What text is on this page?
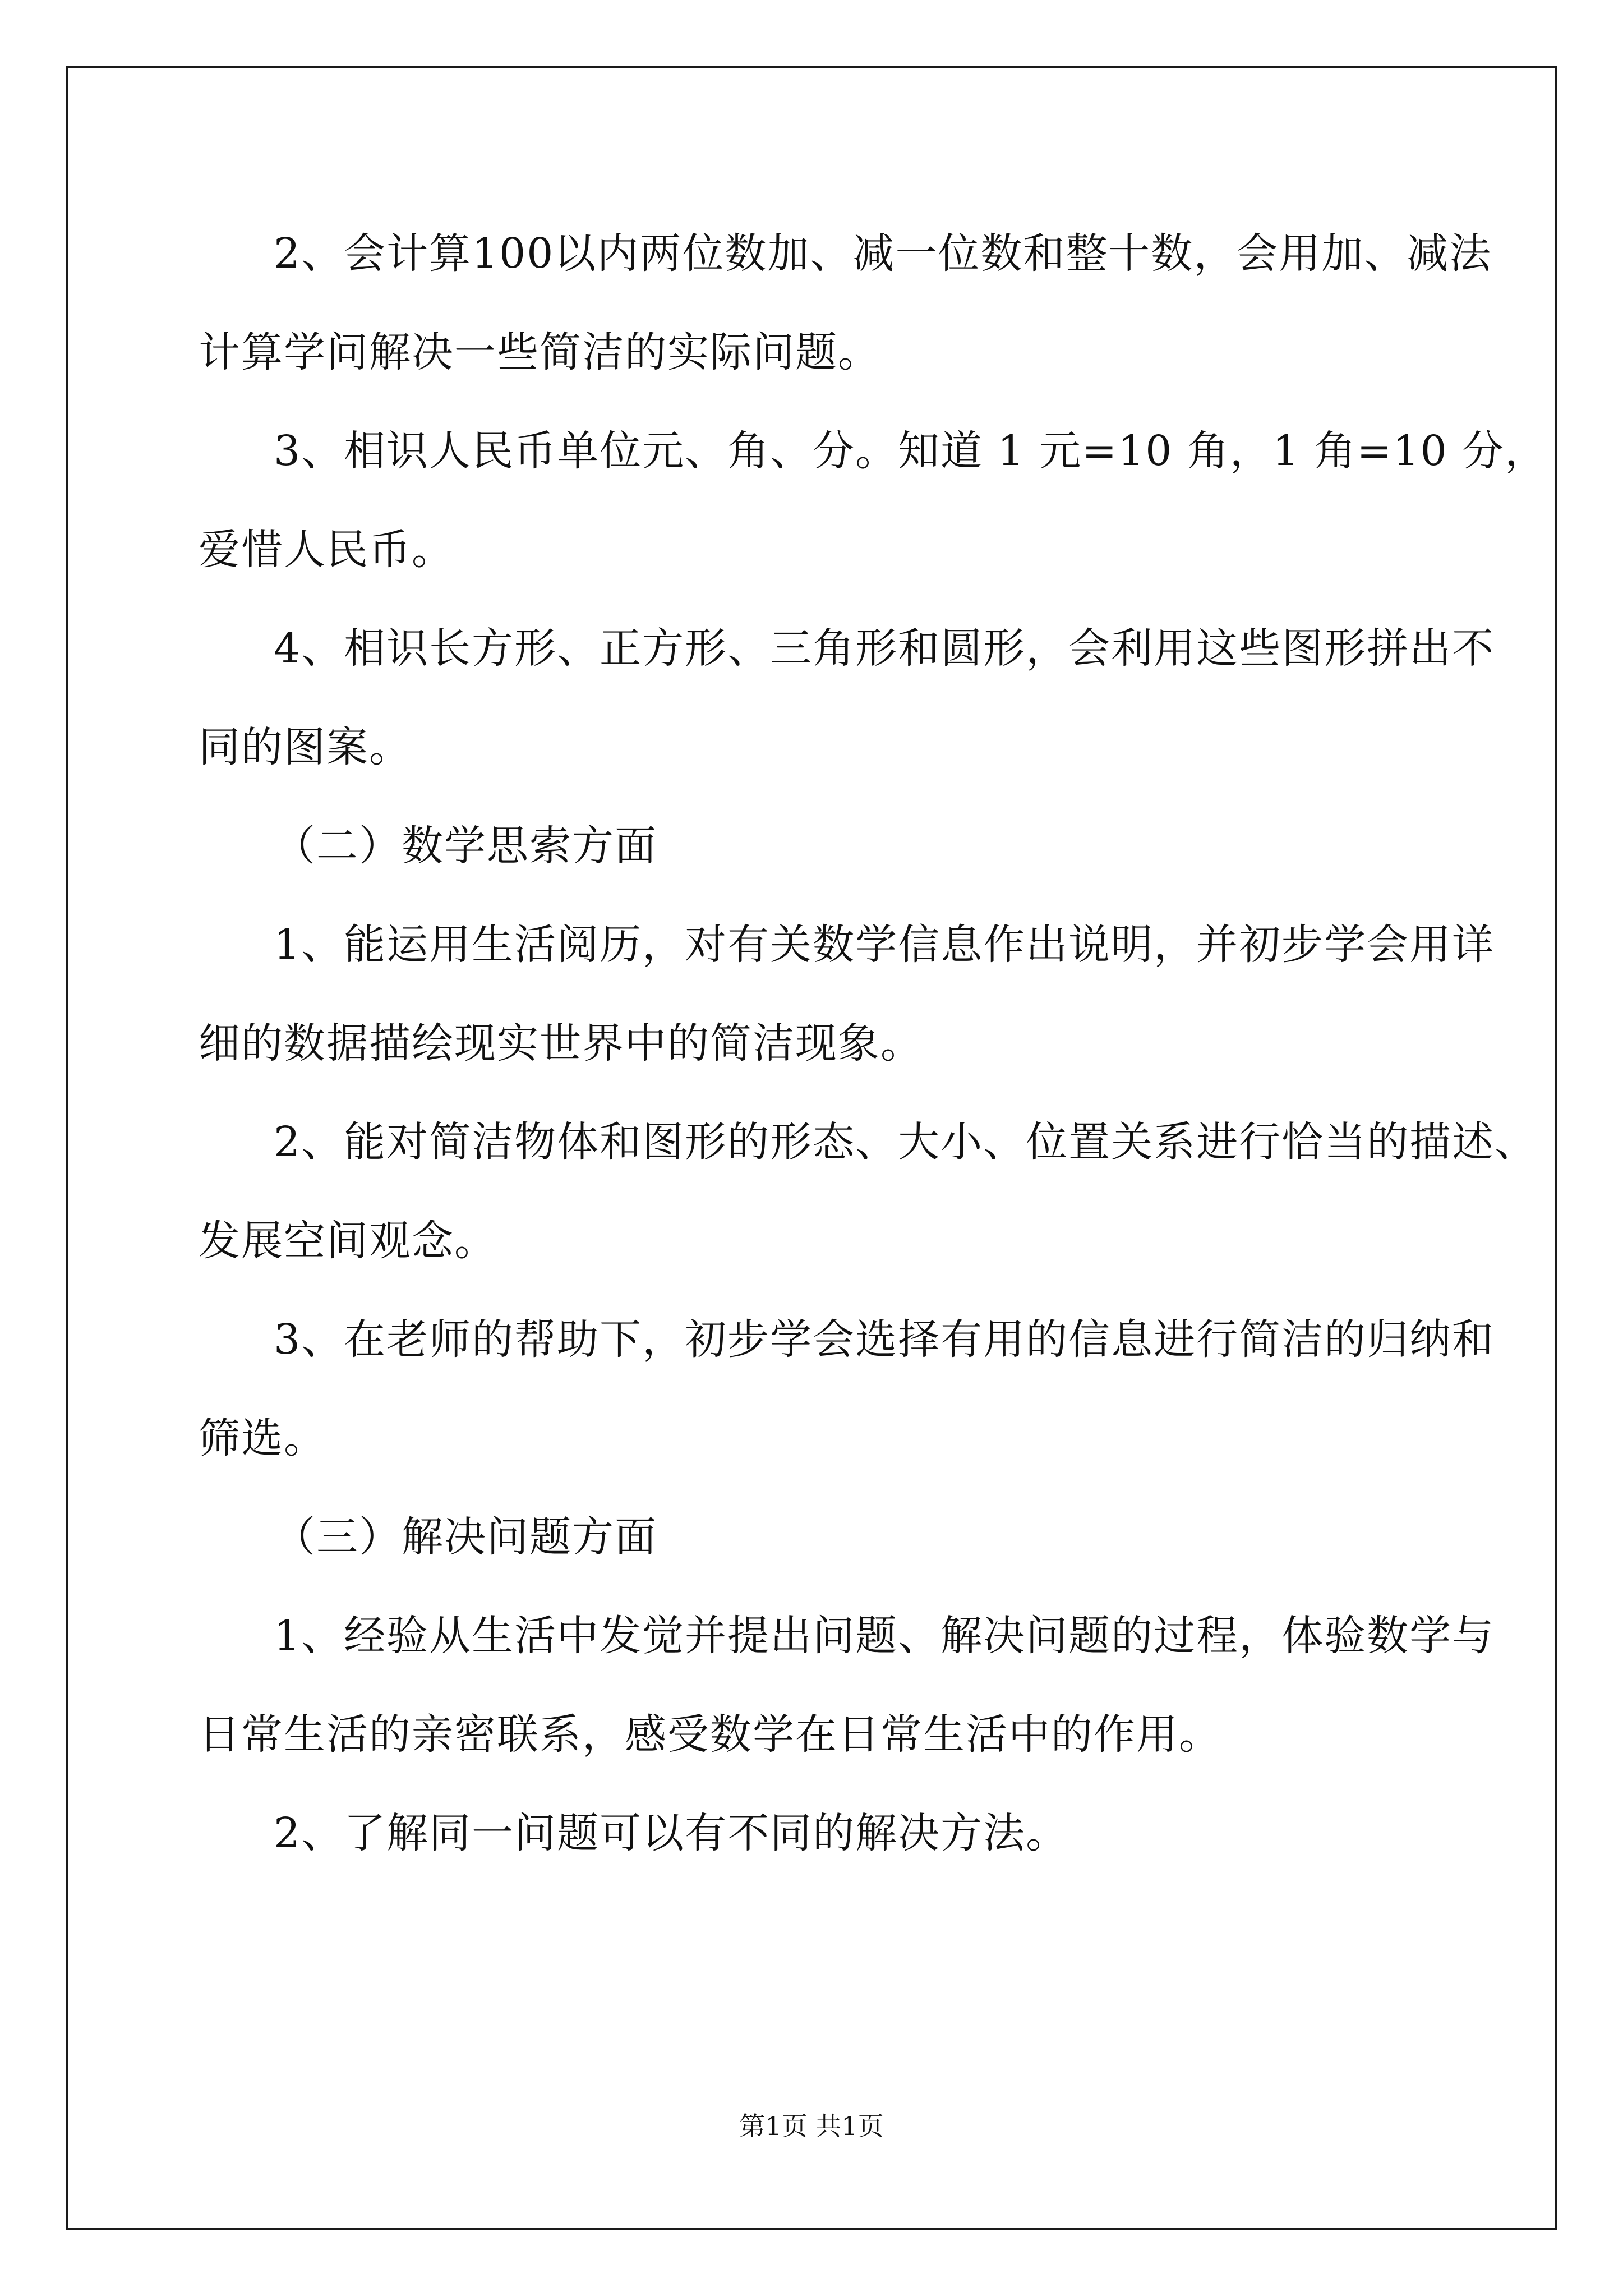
2、会计算100以内两位数加、减一位数和整十数，会用加、减法
计算学问解决一些简洁的实际问题。
3、相识人民币单位元、角、分。知道 1 元=10 角，1 角=10 分，
爱惜人民币。
4、相识长方形、正方形、三角形和圆形，会利用这些图形拼出不
同的图案。
（二）数学思索方面
1、能运用生活阅历，对有关数学信息作出说明，并初步学会用详
细的数据描绘现实世界中的简洁现象。
2、能对简洁物体和图形的形态、大小、位置关系进行恰当的描述、
发展空间观念。
3、在老师的帮助下，初步学会选择有用的信息进行简洁的归纳和
筛选。
（三）解决问题方面
1、经验从生活中发觉并提出问题、解决问题的过程，体验数学与
日常生活的亲密联系，感受数学在日常生活中的作用。
2、了解同一问题可以有不同的解决方法。
第1页 共1页
